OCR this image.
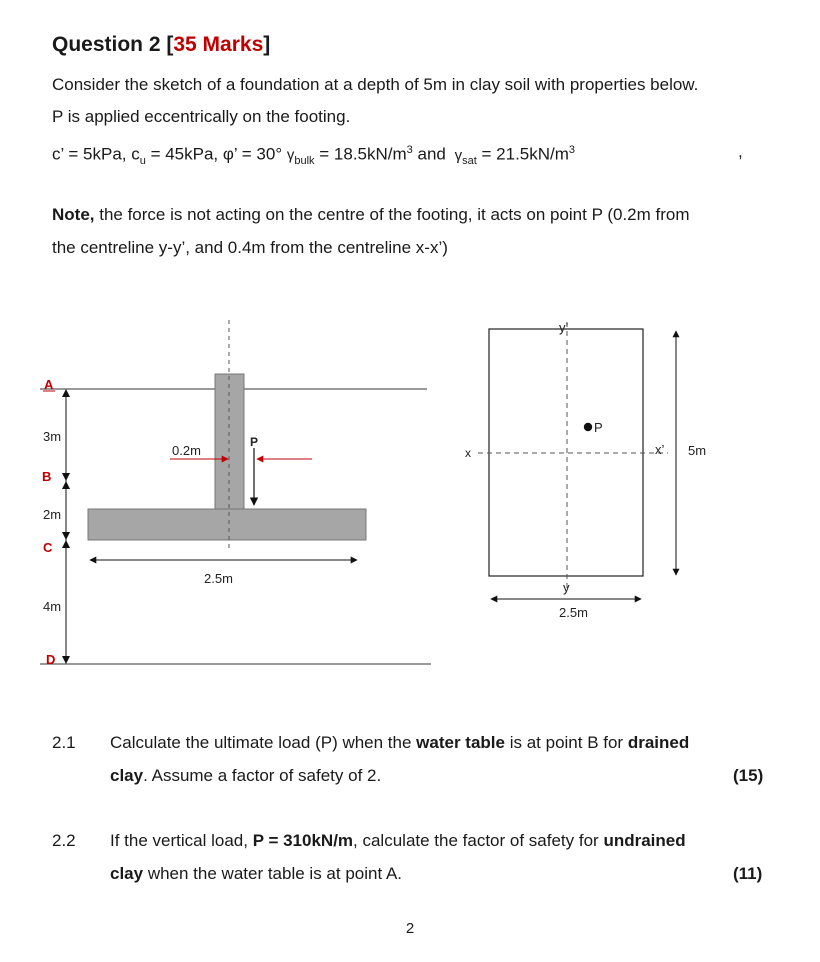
Question 2 [35 Marks]
Consider the sketch of a foundation at a depth of 5m in clay soil with properties below.
P is applied eccentrically on the footing.
c’ = 5kPa, $c_u = 45kPa$, φ’ = 30° $\gamma_{bulk} = 18.5kN/m^3$ and $\gamma_{sat} = 21.5kN/m^3$	,
Note, the force is not acting on the centre of the footing, it acts on point P (0.2m from
the centreline y-y’, and 0.4m from the centreline x-x’)
A
B
C
D
3m
2m
4m
0.2m
P
2.5m
y’
y
x	x’
P
5m
2.5m
2.1 Calculate the ultimate load (P) when the water table is at point B for drained
clay. Assume a factor of safety of 2.	(15)
2.2 If the vertical load, P = 310kN/m, calculate the factor of safety for undrained
clay when the water table is at point A.	(11)
2
